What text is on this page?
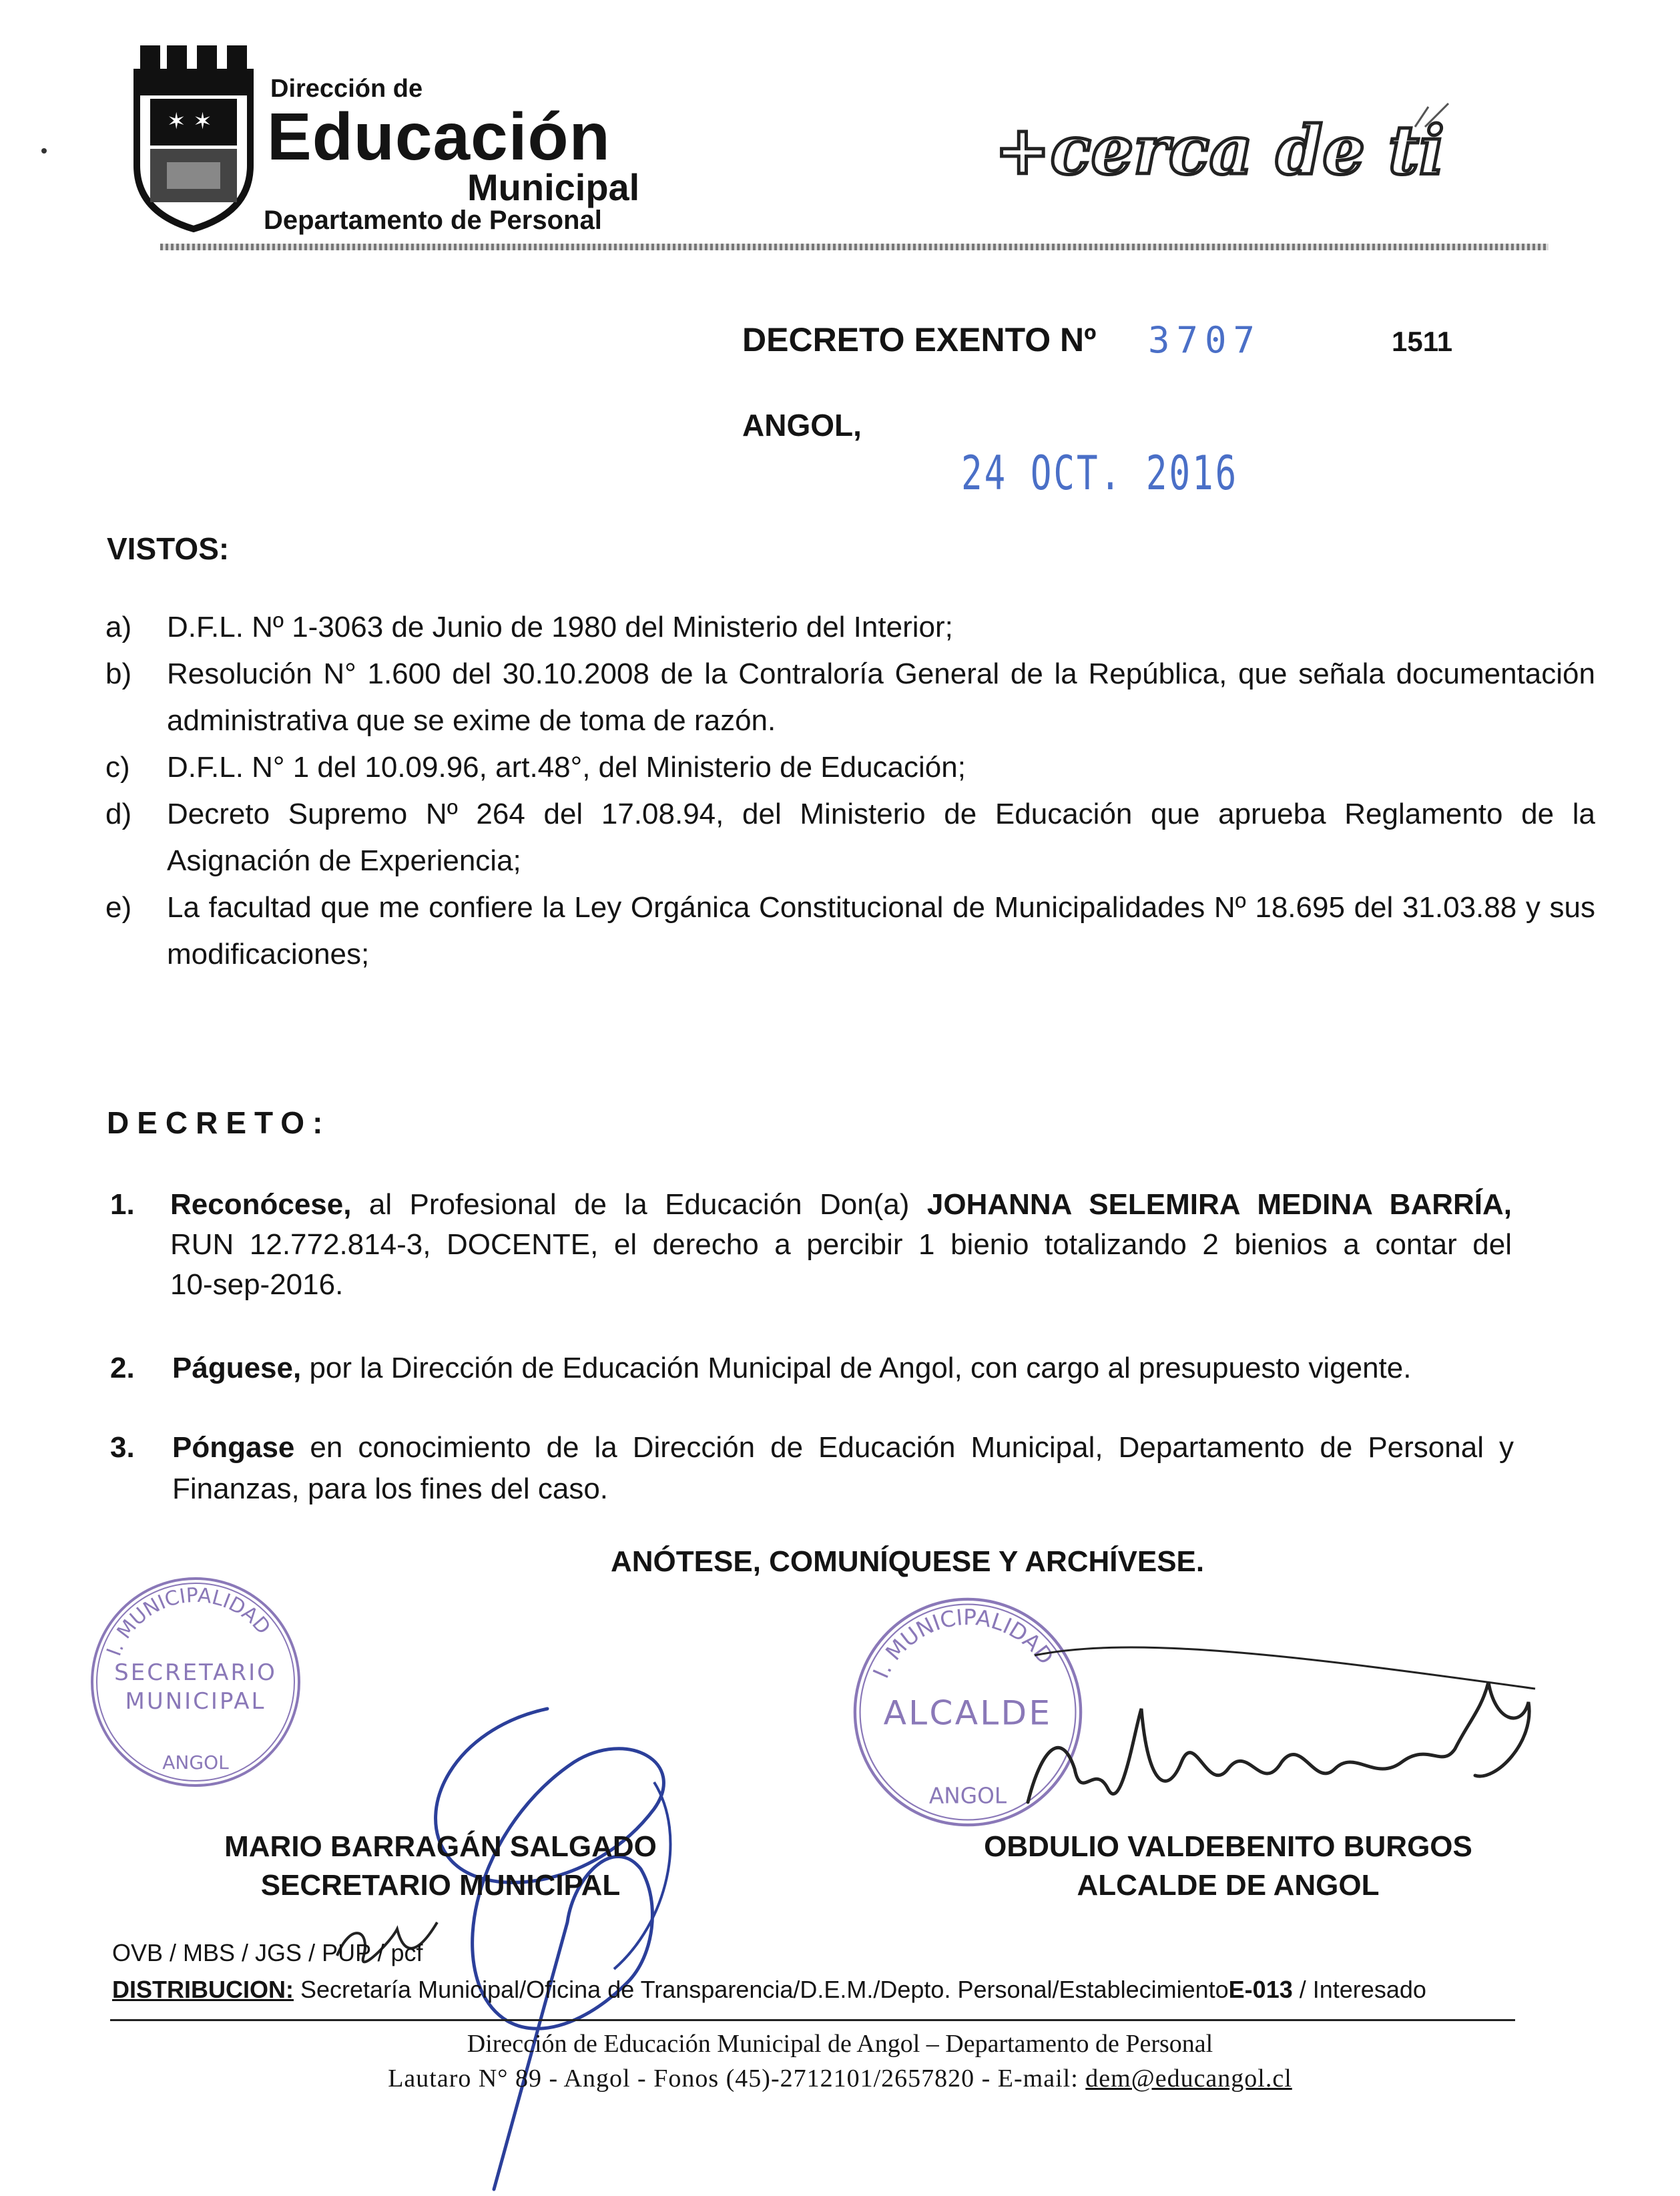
✶ ✶
Dirección de
Educación
Municipal
Departamento de Personal
+cerca de ti
DECRETO EXENTO Nº 3707	1511
ANGOL,
24 OCT. 2016
VISTOS:
a) D.F.L. Nº 1-3063 de Junio de 1980 del Ministerio del Interior;
b) Resolución N° 1.600 del 30.10.2008 de la Contraloría General de la República, que señala documentación administrativa que se exime de toma de razón.
c) D.F.L. N° 1 del 10.09.96, art.48°, del Ministerio de Educación;
d) Decreto Supremo Nº 264 del 17.08.94, del Ministerio de Educación que aprueba Reglamento de la Asignación de Experiencia;
e) La facultad que me confiere la Ley Orgánica Constitucional de Municipalidades Nº 18.695 del 31.03.88 y sus modificaciones;
DECRETO:
1. Reconócese, al Profesional de la Educación Don(a) JOHANNA SELEMIRA MEDINA BARRÍA, RUN 12.772.814-3, DOCENTE, el derecho a percibir 1 bienio totalizando 2 bienios a contar del 10-sep-2016.
2. Páguese, por la Dirección de Educación Municipal de Angol, con cargo al presupuesto vigente.
3. Póngase en conocimiento de la Dirección de Educación Municipal, Departamento de Personal y Finanzas, para los fines del caso.
ANÓTESE, COMUNÍQUESE Y ARCHÍVESE.
I. MUNICIPALIDAD
SECRETARIO
MUNICIPAL
ANGOL
I. MUNICIPALIDAD
ALCALDE
ANGOL
MARIO BARRAGÁN SALGADO
SECRETARIO MUNICIPAL
OBDULIO VALDEBENITO BURGOS
ALCALDE DE ANGOL
OVB / MBS / JGS / PUP / pcf
DISTRIBUCION: Secretaría Municipal/Oficina de Transparencia/D.E.M./Depto. Personal/EstablecimientoE-013 / Interesado
Dirección de Educación Municipal de Angol – Departamento de Personal
Lautaro N° 89 - Angol - Fonos (45)-2712101/2657820 - E-mail: dem@educangol.cl
